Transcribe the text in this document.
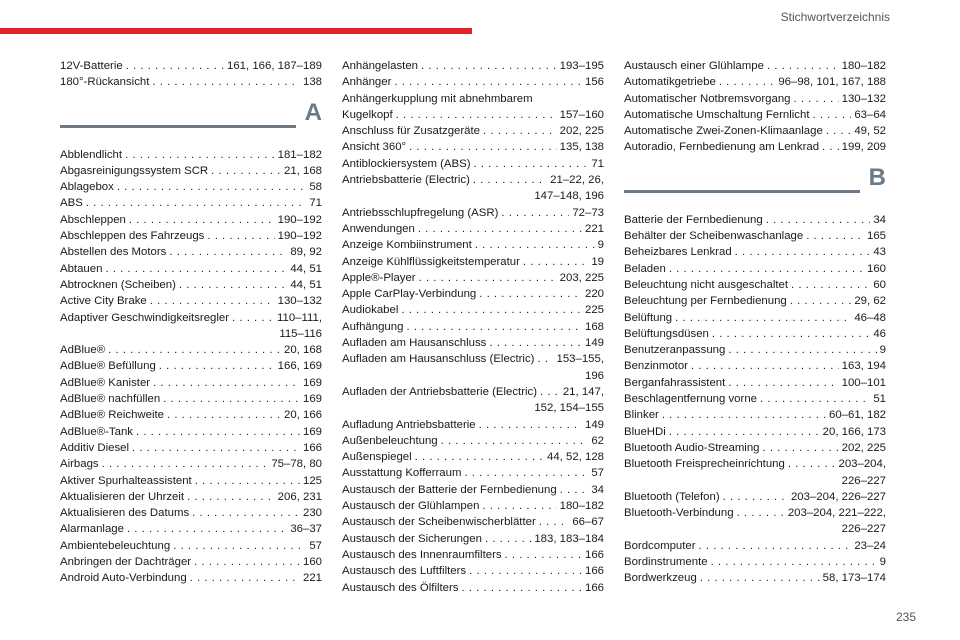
Stichwortverzeichnis
12V-Batterie . . .	161, 166, 187–189
180°-Rückansicht . . .	138
A
Abblendlicht . . .	181–182
Abgasreinigungssystem SCR . . .	21, 168
Ablagebox . . .	58
ABS . . .	71
Abschleppen . . .	190–192
Abschleppen des Fahrzeugs . . .	190–192
Abstellen des Motors . . .	89, 92
Abtauen . . .	44, 51
Abtrocknen (Scheiben) . . .	44, 51
Active City Brake . . .	130–132
Adaptiver Geschwindigkeitsregler . . .	110–111,
115–116
AdBlue® . . .	20, 168
AdBlue® Befüllung . . .	166, 169
AdBlue® Kanister . . .	169
AdBlue® nachfüllen . . .	169
AdBlue® Reichweite . . .	20, 166
AdBlue®-Tank . . .	169
Additiv Diesel . . .	166
Airbags . . .	75–78, 80
Aktiver Spurhalteassistent . . .	125
Aktualisieren der Uhrzeit . . .	206, 231
Aktualisieren des Datums . . .	230
Alarmanlage . . .	36–37
Ambientebeleuchtung . . .	57
Anbringen der Dachträger . . .	160
Android Auto-Verbindung . . .	221
Anhängelasten . . .	193–195
Anhänger . . .	156
Anhängerkupplung mit abnehmbarem
Kugelkopf . . .	157–160
Anschluss für Zusatzgeräte . . .	202, 225
Ansicht 360° . . .	135, 138
Antiblockiersystem (ABS) . . .	71
Antriebsbatterie (Electric) . . .	21–22, 26,
147–148, 196
Antriebsschlupfregelung (ASR) . . .	72–73
Anwendungen . . .	221
Anzeige Kombiinstrument . . .	9
Anzeige Kühlflüssigkeitstemperatur . . .	19
Apple®-Player . . .	203, 225
Apple CarPlay-Verbindung . . .	220
Audiokabel . . .	225
Aufhängung . . .	168
Aufladen am Hausanschluss . . .	149
Aufladen am Hausanschluss (Electric) . . . 153–155,
196
Aufladen der Antriebsbatterie (Electric) . . . 21, 147,
152, 154–155
Aufladung Antriebsbatterie . . .	149
Außenbeleuchtung . . .	62
Außenspiegel . . .	44, 52, 128
Ausstattung Kofferraum . . .	57
Austausch der Batterie der Fernbedienung . . .	34
Austausch der Glühlampen . . .	180–182
Austausch der Scheibenwischerblätter . . .	66–67
Austausch der Sicherungen . . .	183, 183–184
Austausch des Innenraumfilters . . .	166
Austausch des Luftfilters . . .	166
Austausch des Ölfilters . . .	166
Austausch einer Glühlampe . . .	180–182
Automatikgetriebe . . .	96–98, 101, 167, 188
Automatischer Notbremsvorgang . . .	130–132
Automatische Umschaltung Fernlicht . . .	63–64
Automatische Zwei-Zonen-Klimaanlage . . .	49, 52
Autoradio, Fernbedienung am Lenkrad . . . 199, 209
B
Batterie der Fernbedienung . . .	34
Behälter der Scheibenwaschanlage . . .	165
Beheizbares Lenkrad . . .	43
Beladen . . .	160
Beleuchtung nicht ausgeschaltet . . .	60
Beleuchtung per Fernbedienung . . .	29, 62
Belüftung . . .	46–48
Belüftungsdüsen . . .	46
Benutzeranpassung . . .	9
Benzinmotor . . .	163, 194
Berganfahrassistent . . .	100–101
Beschlagentfernung vorne . . .	51
Blinker . . .	60–61, 182
BlueHDi . . .	20, 166, 173
Bluetooth Audio-Streaming . . .	202, 225
Bluetooth Freisprecheinrichtung . . .	203–204,
226–227
Bluetooth (Telefon) . . .	203–204, 226–227
Bluetooth-Verbindung . . .	203–204, 221–222,
226–227
Bordcomputer . . .	23–24
Bordinstrumente . . .	9
Bordwerkzeug . . .	58, 173–174
235
